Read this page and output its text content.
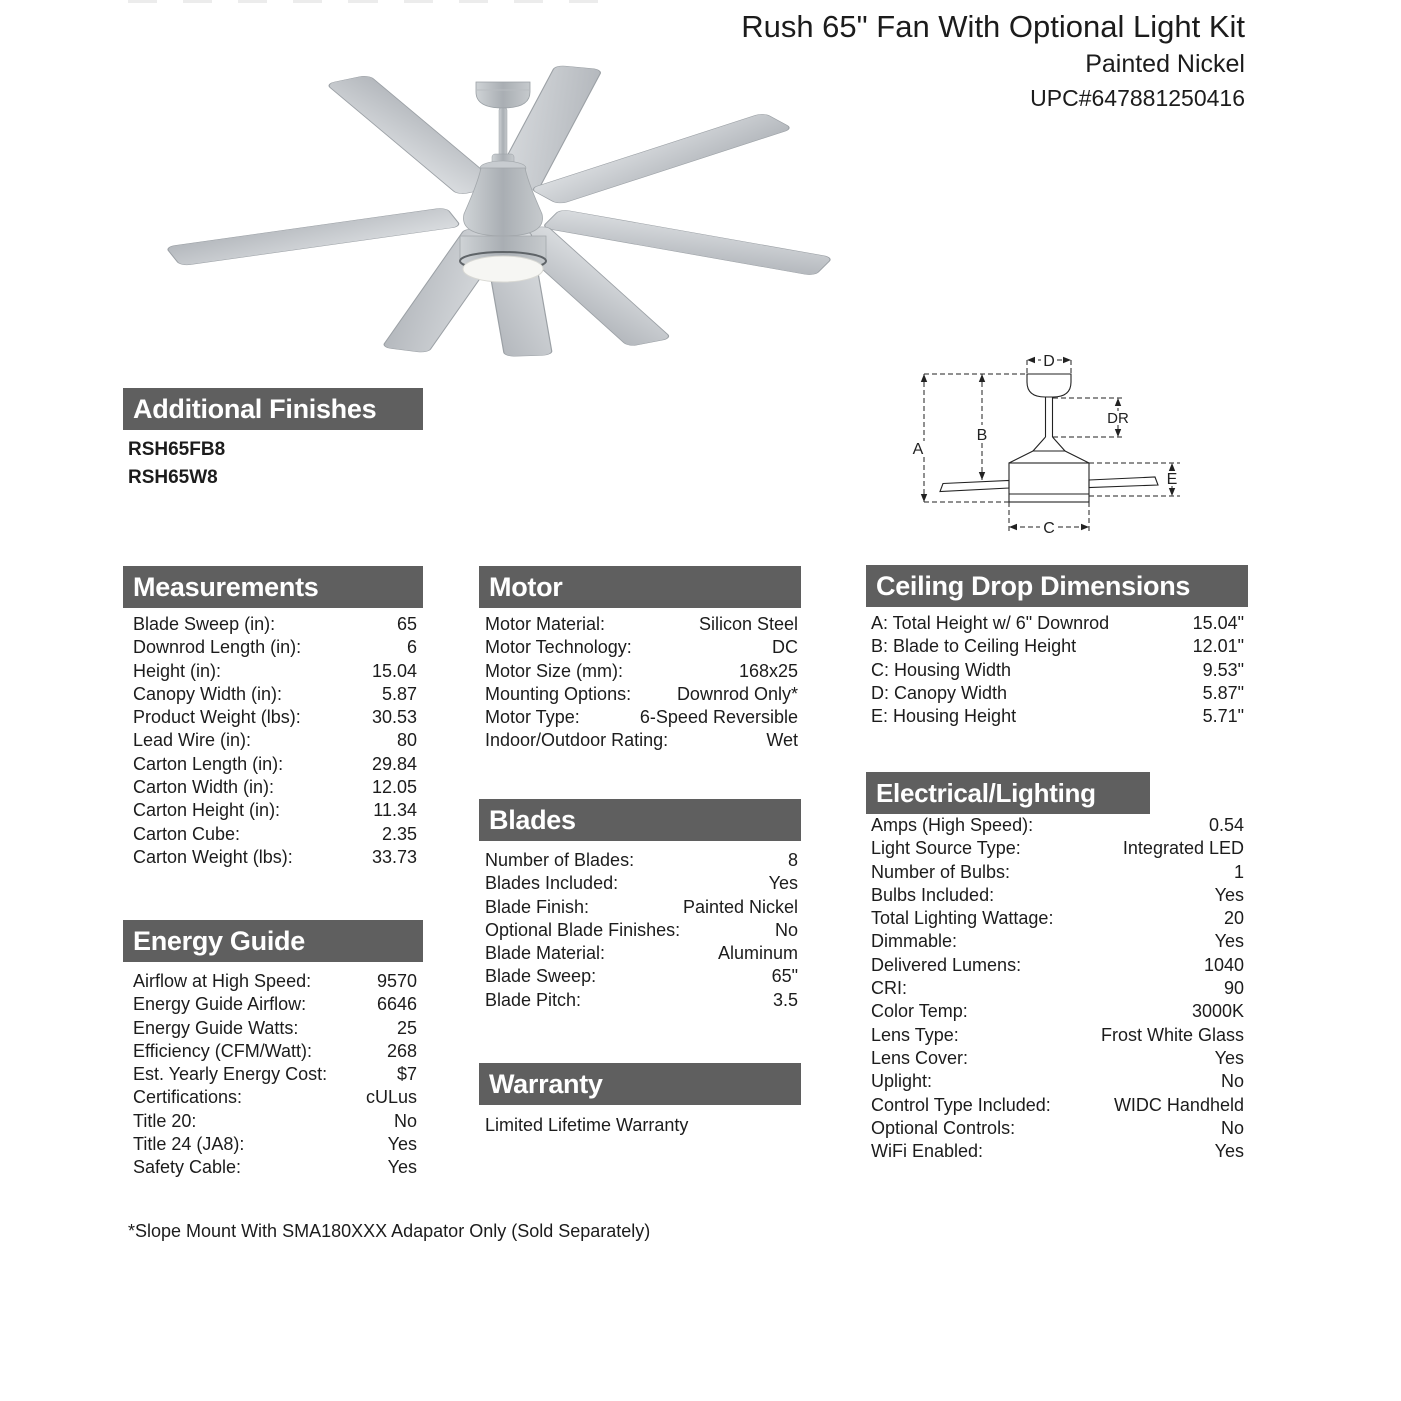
Rush 65" Fan With Optional Light Kit
Painted Nickel
UPC#647881250416
A
B
C
D
E
DR
Additional Finishes
RSH65FB8
RSH65W8
Measurements
Blade Sweep (in):	65
Downrod Length (in):	6
Height (in):	15.04
Canopy Width (in):	5.87
Product Weight (lbs):	30.53
Lead Wire (in):	80
Carton Length (in):	29.84
Carton Width (in):	12.05
Carton Height (in):	11.34
Carton Cube:	2.35
Carton Weight (lbs):	33.73
Energy Guide
Airflow at High Speed:	9570
Energy Guide Airflow:	6646
Energy Guide Watts:	25
Efficiency (CFM/Watt):	268
Est. Yearly Energy Cost:	$7
Certifications:	cULus
Title 20:	No
Title 24 (JA8):	Yes
Safety Cable:	Yes
Motor
Motor Material:	Silicon Steel
Motor Technology:	DC
Motor Size (mm):	168x25
Mounting Options:	Downrod Only*
Motor Type:	6-Speed Reversible
Indoor/Outdoor Rating:	Wet
Blades
Number of Blades:	8
Blades Included:	Yes
Blade Finish:	Painted Nickel
Optional Blade Finishes:	No
Blade Material:	Aluminum
Blade Sweep:	65"
Blade Pitch:	3.5
Warranty
Limited Lifetime Warranty
Ceiling Drop Dimensions
A: Total Height w/ 6" Downrod	15.04"
B: Blade to Ceiling Height	12.01"
C: Housing Width	9.53"
D: Canopy Width	5.87"
E: Housing Height	5.71"
Electrical/Lighting
Amps (High Speed):	0.54
Light Source Type:	Integrated LED
Number of Bulbs:	1
Bulbs Included:	Yes
Total Lighting Wattage:	20
Dimmable:	Yes
Delivered Lumens:	1040
CRI:	90
Color Temp:	3000K
Lens Type:	Frost White Glass
Lens Cover:	Yes
Uplight:	No
Control Type Included:	WIDC Handheld
Optional Controls:	No
WiFi Enabled:	Yes
*Slope Mount With SMA180XXX Adapator Only (Sold Separately)
